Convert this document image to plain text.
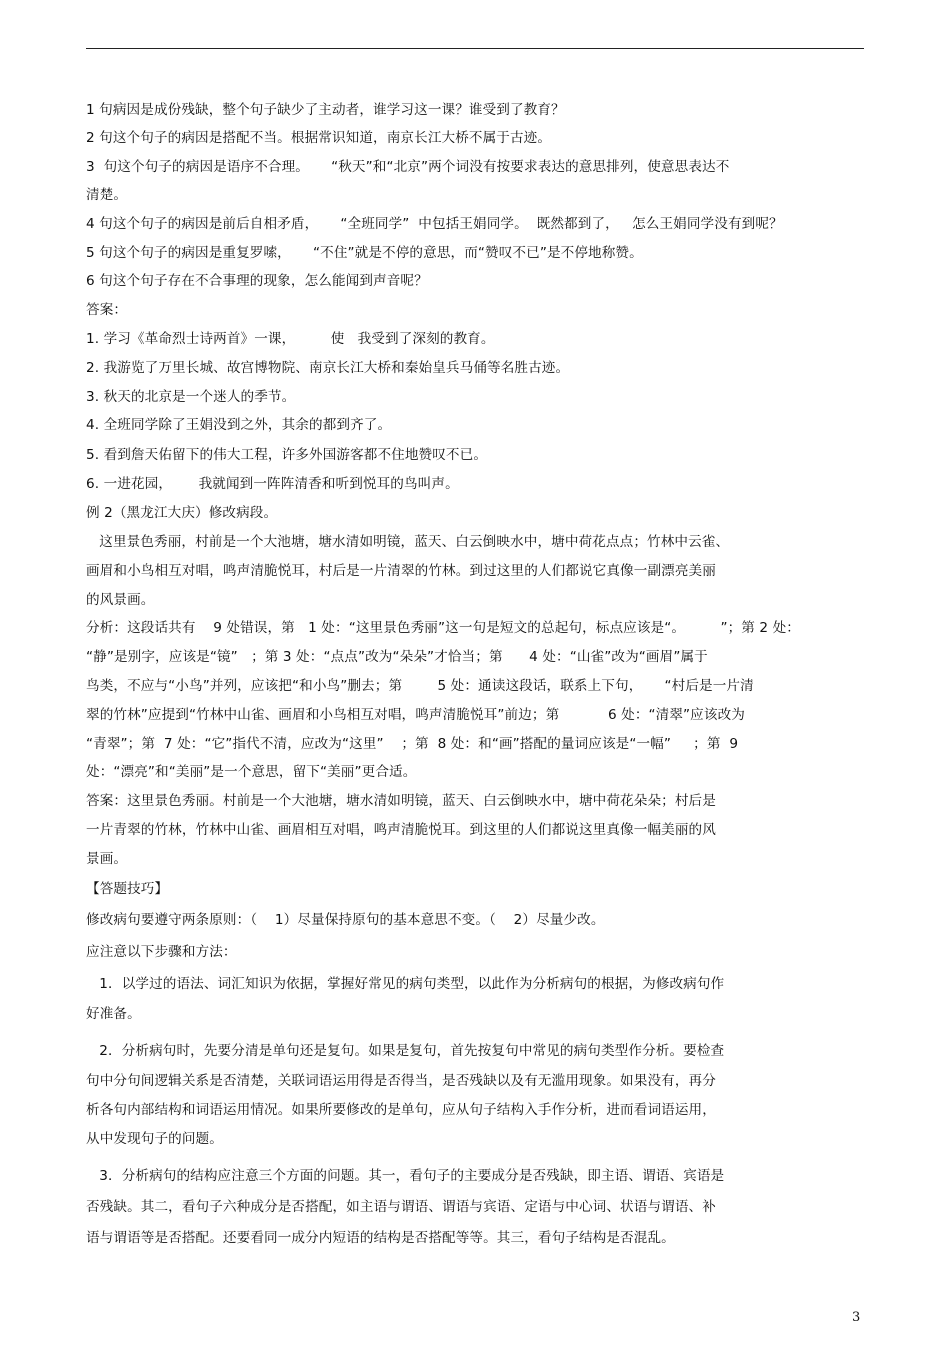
1 句病因是成份残缺，整个句子缺少了主动者，谁学习这一课？谁受到了教育？
2 句这个句子的病因是搭配不当。根据常识知道，南京长江大桥不属于古迹。
3  句这个句子的病因是语序不合理。     “秋天”和“北京”两个词没有按要求表达的意思排列，使意思表达不
清楚。
4 句这个句子的病因是前后自相矛盾，     “全班同学”  中包括王娟同学。  既然都到了，   怎么王娟同学没有到呢？
5 句这个句子的病因是重复罗嗦，     “不住”就是不停的意思，而“赞叹不已”是不停地称赞。
6 句这个句子存在不合事理的现象，怎么能闻到声音呢？
答案：
1. 学习《革命烈士诗两首》一课，        使   我受到了深刻的教育。
2. 我游览了万里长城、故宫博物院、南京长江大桥和秦始皇兵马俑等名胜古迹。
3. 秋天的北京是一个迷人的季节。
4. 全班同学除了王娟没到之外，其余的都到齐了。
5. 看到詹天佑留下的伟大工程，许多外国游客都不住地赞叹不已。
6. 一进花园，      我就闻到一阵阵清香和听到悦耳的鸟叫声。
例 2（黑龙江大庆）修改病段。
这里景色秀丽，村前是一个大池塘，塘水清如明镜，蓝天、白云倒映水中，塘中荷花点点；竹林中云雀、
画眉和小鸟相互对唱，鸣声清脆悦耳，村后是一片清翠的竹林。到过这里的人们都说它真像一副漂亮美丽
的风景画。
分析：这段话共有    9 处错误，第   1 处：“这里景色秀丽”这一句是短文的总起句，标点应该是“。        ”；第 2 处：
“静”是别字，应该是“镜”   ；第 3 处：“点点”改为“朵朵”才恰当；第      4 处：“山雀”改为“画眉”属于
鸟类，不应与“小鸟”并列，应该把“和小鸟”删去；第        5 处：通读这段话，联系上下句，     “村后是一片清
翠的竹林”应提到“竹林中山雀、画眉和小鸟相互对唱，鸣声清脆悦耳”前边；第           6 处：“清翠”应该改为
“青翠”；第  7 处：“它”指代不清，应改为“这里”    ；第  8 处：和“画”搭配的量词应该是“一幅”     ；第  9
处：“漂亮”和“美丽”是一个意思，留下“美丽”更合适。
答案：这里景色秀丽。村前是一个大池塘，塘水清如明镜，蓝天、白云倒映水中，塘中荷花朵朵；村后是
一片青翠的竹林，竹林中山雀、画眉相互对唱，鸣声清脆悦耳。到这里的人们都说这里真像一幅美丽的风
景画。
【答题技巧】
修改病句要遵守两条原则：（    1）尽量保持原句的基本意思不变。（    2）尽量少改。
应注意以下步骤和方法：
1．以学过的语法、词汇知识为依据，掌握好常见的病句类型，以此作为分析病句的根据，为修改病句作
好准备。
2．分析病句时，先要分清是单句还是复句。如果是复句，首先按复句中常见的病句类型作分析。要检查
句中分句间逻辑关系是否清楚，关联词语运用得是否得当，是否残缺以及有无滥用现象。如果没有，再分
析各句内部结构和词语运用情况。如果所要修改的是单句，应从句子结构入手作分析，进而看词语运用，
从中发现句子的问题。
3．分析病句的结构应注意三个方面的问题。其一，看句子的主要成分是否残缺，即主语、谓语、宾语是
否残缺。其二，看句子六种成分是否搭配，如主语与谓语、谓语与宾语、定语与中心词、状语与谓语、补
语与谓语等是否搭配。还要看同一成分内短语的结构是否搭配等等。其三，看句子结构是否混乱。
3
